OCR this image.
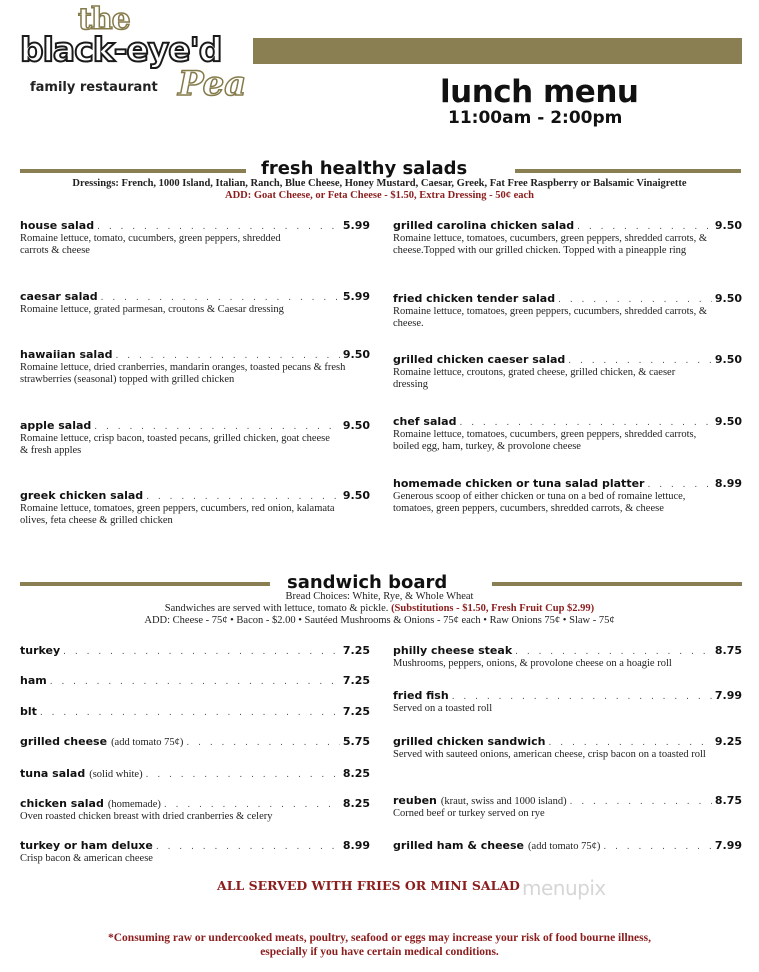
the
black-eye'd
Pea
family restaurant	lunch menu
11:00am - 2:00pm
fresh healthy salads
Dressings: French, 1000 Island, Italian, Ranch, Blue Cheese, Honey Mustard, Caesar, Greek, Fat Free Raspberry or Balsamic Vinaigrette
ADD: Goat Cheese, or Feta Cheese - $1.50, Extra Dressing - 50¢ each
house salad . . .	5.99
Romaine lettuce, tomato, cucumbers, green peppers, shredded carrots & cheese
caesar salad . . .	5.99
Romaine lettuce, grated parmesan, croutons & Caesar dressing
hawaiian salad . . .	9.50
Romaine lettuce, dried cranberries, mandarin oranges, toasted pecans & fresh strawberries (seasonal) topped with grilled chicken
apple salad . . .	9.50
Romaine lettuce, crisp bacon, toasted pecans, grilled chicken, goat cheese & fresh apples
greek chicken salad . . .	9.50
Romaine lettuce, tomatoes, green peppers, cucumbers, red onion, kalamata olives, feta cheese & grilled chicken
grilled carolina chicken salad . . .	9.50
Romaine lettuce, tomatoes, cucumbers, green peppers, shredded carrots, & cheese.Topped with our grilled chicken. Topped with a pineapple ring
fried chicken tender salad . . .	9.50
Romaine lettuce, tomatoes, green peppers, cucumbers, shredded carrots, & cheese.
grilled chicken caeser salad . . .	9.50
Romaine lettuce, croutons, grated cheese, grilled chicken, & caeser dressing
chef salad . . .	9.50
Romaine lettuce, tomatoes, cucumbers, green peppers, shredded carrots, boiled egg, ham, turkey, & provolone cheese
homemade chicken or tuna salad platter . . .	8.99
Generous scoop of either chicken or tuna on a bed of romaine lettuce, tomatoes, green peppers, cucumbers, shredded carrots, & cheese
sandwich board
Bread Choices: White, Rye, & Whole Wheat
Sandwiches are served with lettuce, tomato & pickle. (Substitutions - $1.50, Fresh Fruit Cup $2.99)
ADD: Cheese - 75¢ • Bacon - $2.00 • Sautéed Mushrooms & Onions - 75¢ each • Raw Onions 75¢ • Slaw - 75¢
turkey . . .	7.25
ham . . .	7.25
blt . . .	7.25
grilled cheese (add tomato 75¢) . . .	5.75
tuna salad (solid white) . . .	8.25
chicken salad (homemade) . . .	8.25
Oven roasted chicken breast with dried cranberries & celery
turkey or ham deluxe . . .	8.99
Crisp bacon & american cheese
philly cheese steak . . .	8.75
Mushrooms, peppers, onions, & provolone cheese on a hoagie roll
fried fish . . .	7.99
Served on a toasted roll
grilled chicken sandwich . . .	9.25
Served with sauteed onions, american cheese, crisp bacon on a toasted roll
reuben (kraut, swiss and 1000 island) . . .	8.75
Corned beef or turkey served on rye
grilled ham & cheese (add tomato 75¢) . . .	7.99
menupix
ALL SERVED WITH FRIES OR MINI SALAD
*Consuming raw or undercooked meats, poultry, seafood or eggs may increase your risk of food bourne illness,
especially if you have certain medical conditions.
